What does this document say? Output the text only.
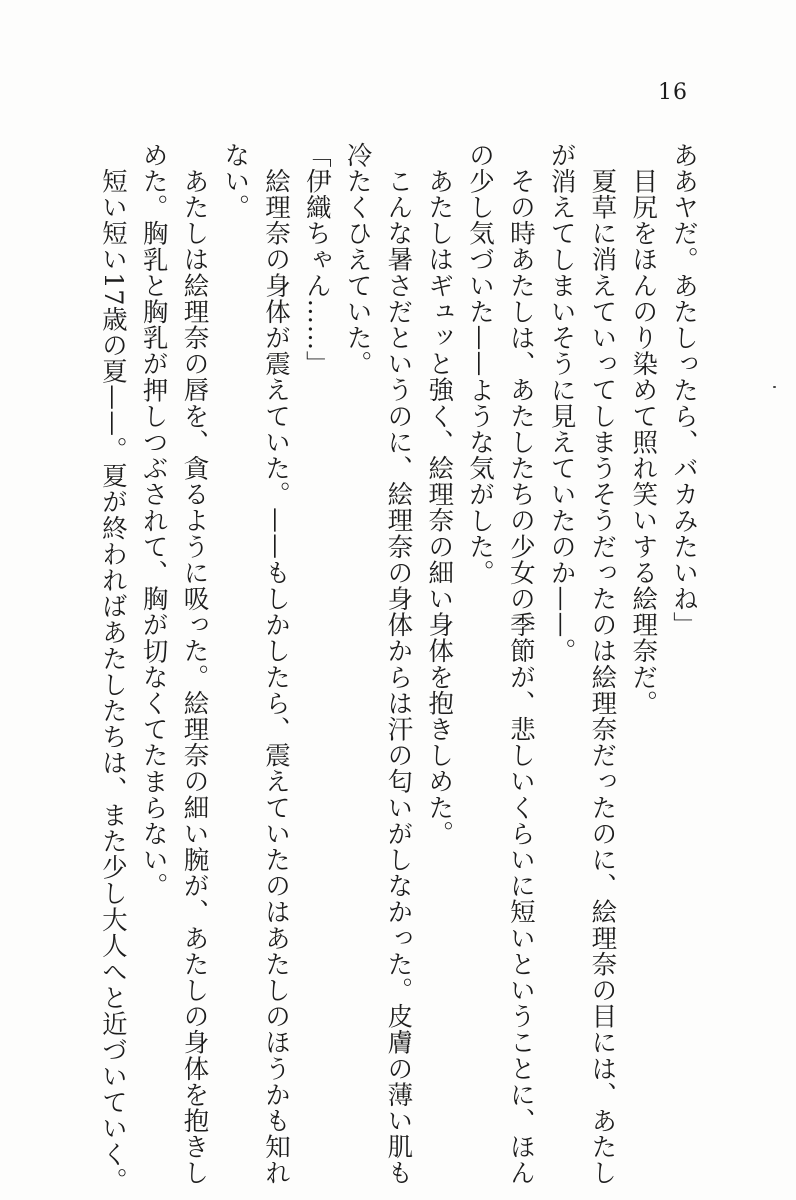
16
ああヤだ。あたしったら、バカみたいね」
目尻をほんのり染めて照れ笑いする絵理奈だ。
夏草に消えていってしまうそうだったのは絵理奈だったのに、絵理奈の目には、あたし
が消えてしまいそうに見えていたのか——。
その時あたしは、あたしたちの少女の季節が、悲しいくらいに短いということに、ほん
の少し気づいた——ような気がした。
あたしはギュッと強く、絵理奈の細い身体を抱きしめた。
こんな暑さだというのに、絵理奈の身体からは汗の匂いがしなかった。皮膚の薄い肌も
冷たくひえていた。
「伊織ちゃん……」
絵理奈の身体が震えていた。——もしかしたら、震えていたのはあたしのほうかも知れ
ない。
あたしは絵理奈の唇を、貪るように吸った。絵理奈の細い腕が、あたしの身体を抱きし
めた。胸乳と胸乳が押しつぶされて、胸が切なくてたまらない。
短い短い17歳の夏——。夏が終わればあたしたちは、また少し大人へと近づいていく。
